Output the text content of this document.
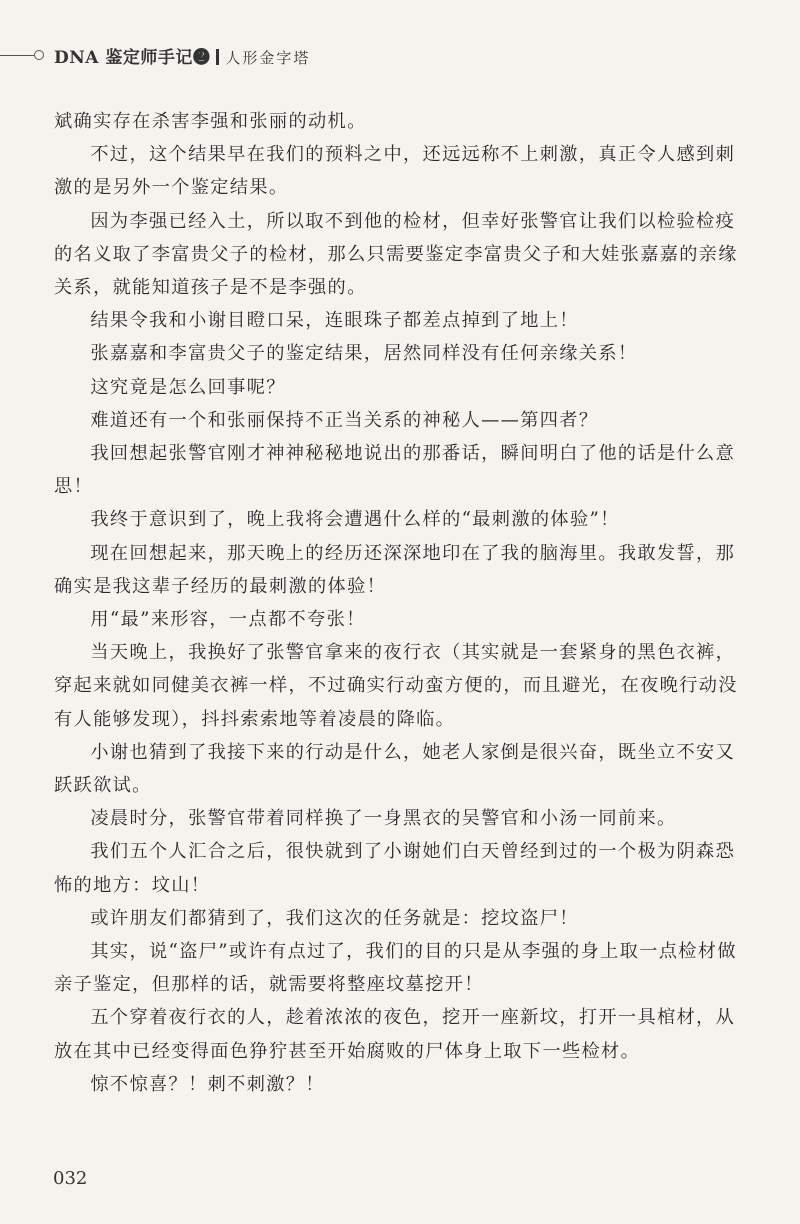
DNA 鉴定师手记❷ 人形金字塔

斌确实存在杀害李强和张丽的动机。

不过，这个结果早在我们的预料之中，还远远称不上刺激，真正令人感到刺激的是另外一个鉴定结果。

因为李强已经入土，所以取不到他的检材，但幸好张警官让我们以检验检疫的名义取了李富贵父子的检材，那么只需要鉴定李富贵父子和大娃张嘉嘉的亲缘关系，就能知道孩子是不是李强的。

结果令我和小谢目瞪口呆，连眼珠子都差点掉到了地上！

张嘉嘉和李富贵父子的鉴定结果，居然同样没有任何亲缘关系！

这究竟是怎么回事呢？

难道还有一个和张丽保持不正当关系的神秘人——第四者？

我回想起张警官刚才神神秘秘地说出的那番话，瞬间明白了他的话是什么意思！

我终于意识到了，晚上我将会遭遇什么样的“最刺激的体验”！

现在回想起来，那天晚上的经历还深深地印在了我的脑海里。我敢发誓，那确实是我这辈子经历的最刺激的体验！

用“最”来形容，一点都不夸张！

当天晚上，我换好了张警官拿来的夜行衣（其实就是一套紧身的黑色衣裤，穿起来就如同健美衣裤一样，不过确实行动蛮方便的，而且避光，在夜晚行动没有人能够发现），抖抖索索地等着凌晨的降临。

小谢也猜到了我接下来的行动是什么，她老人家倒是很兴奋，既坐立不安又跃跃欲试。

凌晨时分，张警官带着同样换了一身黑衣的吴警官和小汤一同前来。

我们五个人汇合之后，很快就到了小谢她们白天曾经到过的一个极为阴森恐怖的地方：坟山！

或许朋友们都猜到了，我们这次的任务就是：挖坟盗尸！

其实，说“盗尸”或许有点过了，我们的目的只是从李强的身上取一点检材做亲子鉴定，但那样的话，就需要将整座坟墓挖开！

五个穿着夜行衣的人，趁着浓浓的夜色，挖开一座新坟，打开一具棺材，从放在其中已经变得面色狰狞甚至开始腐败的尸体身上取下一些检材。

惊不惊喜？！刺不刺激？！

032
